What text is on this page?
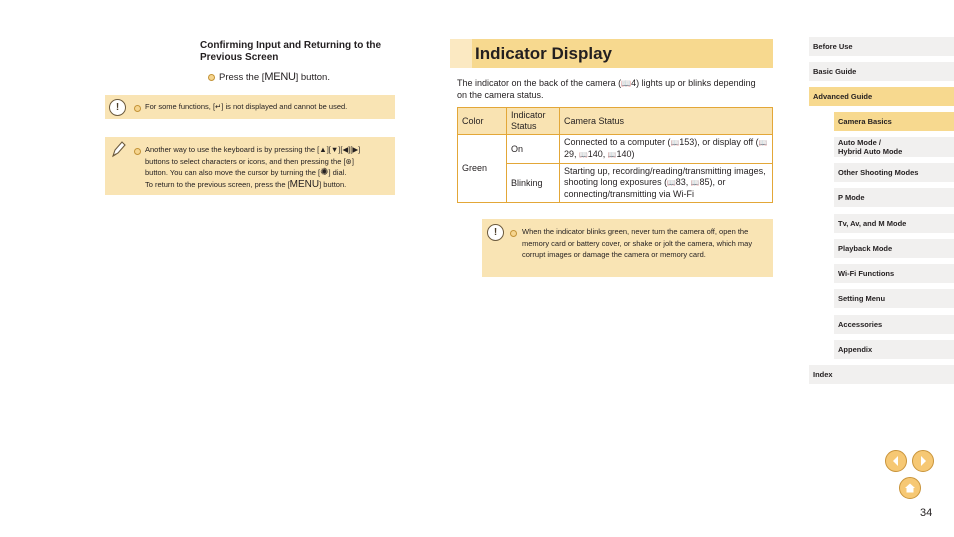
Confirming Input and Returning to the Previous Screen
Press the [MENU] button.
!	For some functions, [↵] is not displayed and cannot be used.
Another way to use the keyboard is by pressing the [▲][▼][◀][▶]
buttons to select characters or icons, and then pressing the [⊛]
button. You can also move the cursor by turning the [✺] dial.
To return to the previous screen, press the [MENU] button.
Indicator Display
The indicator on the back of the camera (📖4) lights up or blinks depending on the camera status.
Color	Indicator Status	Camera Status
Green	On	Connected to a computer (📖153), or display off (📖29, 📖140, 📖140)
	Blinking	Starting up, recording/reading/transmitting images, shooting long exposures (📖83, 📖85), or connecting/transmitting via Wi-Fi
!	When the indicator blinks green, never turn the camera off, open the memory card or battery cover, or shake or jolt the camera, which may corrupt images or damage the camera or memory card.
Before Use
Basic Guide
Advanced Guide
Camera Basics
Auto Mode /
Hybrid Auto Mode
Other Shooting Modes
P Mode
Tv, Av, and M Mode
Playback Mode
Wi-Fi Functions
Setting Menu
Accessories
Appendix
Index
34
